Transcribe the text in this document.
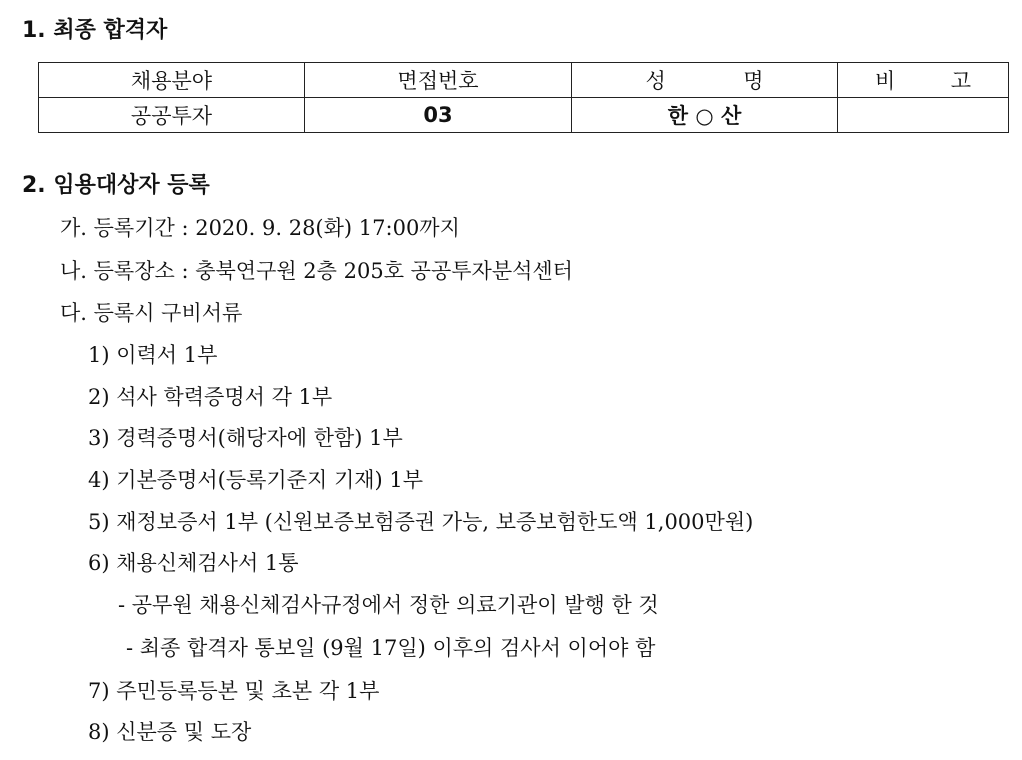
1. 최종 합격자
채용분야	면접번호	성 명	비 고

공공투자	03	한 ○ 산	
2. 임용대상자 등록
가. 등록기간 : 2020. 9. 28(화) 17:00까지
나. 등록장소 : 충북연구원 2층 205호 공공투자분석센터
다. 등록시 구비서류
1) 이력서 1부
2) 석사 학력증명서 각 1부
3) 경력증명서(해당자에 한함) 1부
4) 기본증명서(등록기준지 기재) 1부
5) 재정보증서 1부 (신원보증보험증권 가능, 보증보험한도액 1,000만원)
6) 채용신체검사서 1통
- 공무원 채용신체검사규정에서 정한 의료기관이 발행 한 것
- 최종 합격자 통보일 (9월 17일) 이후의 검사서 이어야 함
7) 주민등록등본 및 초본 각 1부
8) 신분증 및 도장
